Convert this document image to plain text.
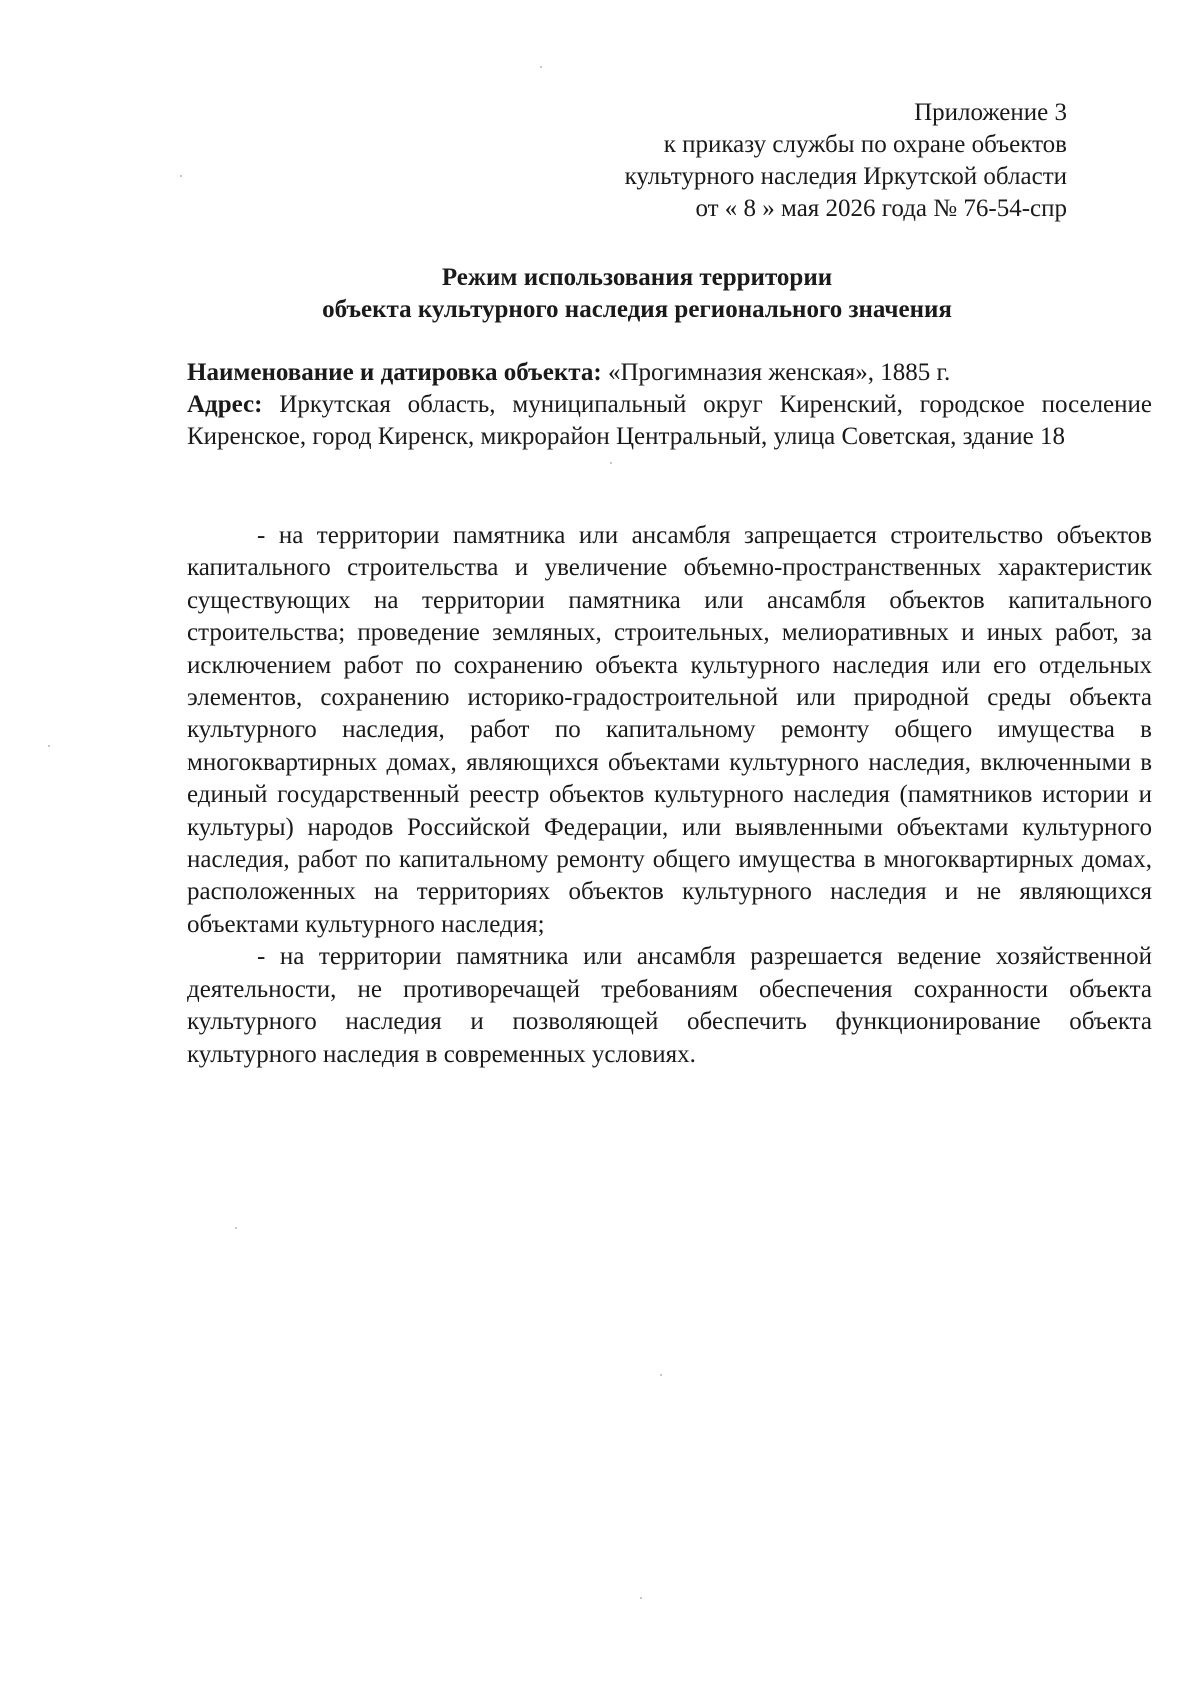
Приложение 3
к приказу службы по охране объектов
культурного наследия Иркутской области
от « 8 » мая 2026 года № 76-54-спр
Режим использования территории
объекта культурного наследия регионального значения
Наименование и датировка объекта: «Прогимназия женская», 1885 г.
Адрес: Иркутская область, муниципальный округ Киренский, городское поселение Киренское, город Киренск, микрорайон Центральный, улица Советская, здание 18

- на территории памятника или ансамбля запрещается строительство объектов капитального строительства и увеличение объемно-пространственных характеристик существующих на территории памятника или ансамбля объектов капитального строительства; проведение земляных, строительных, мелиоративных и иных работ, за исключением работ по сохранению объекта культурного наследия или его отдельных элементов, сохранению историко-градостроительной или природной среды объекта культурного наследия, работ по капитальному ремонту общего имущества в многоквартирных домах, являющихся объектами культурного наследия, включенными в единый государственный реестр объектов культурного наследия (памятников истории и культуры) народов Российской Федерации, или выявленными объектами культурного наследия, работ по капитальному ремонту общего имущества в многоквартирных домах, расположенных на территориях объектов культурного наследия и не являющихся объектами культурного наследия;

- на территории памятника или ансамбля разрешается ведение хозяйственной деятельности, не противоречащей требованиям обеспечения сохранности объекта культурного наследия и позволяющей обеспечить функционирование объекта культурного наследия в современных условиях.
